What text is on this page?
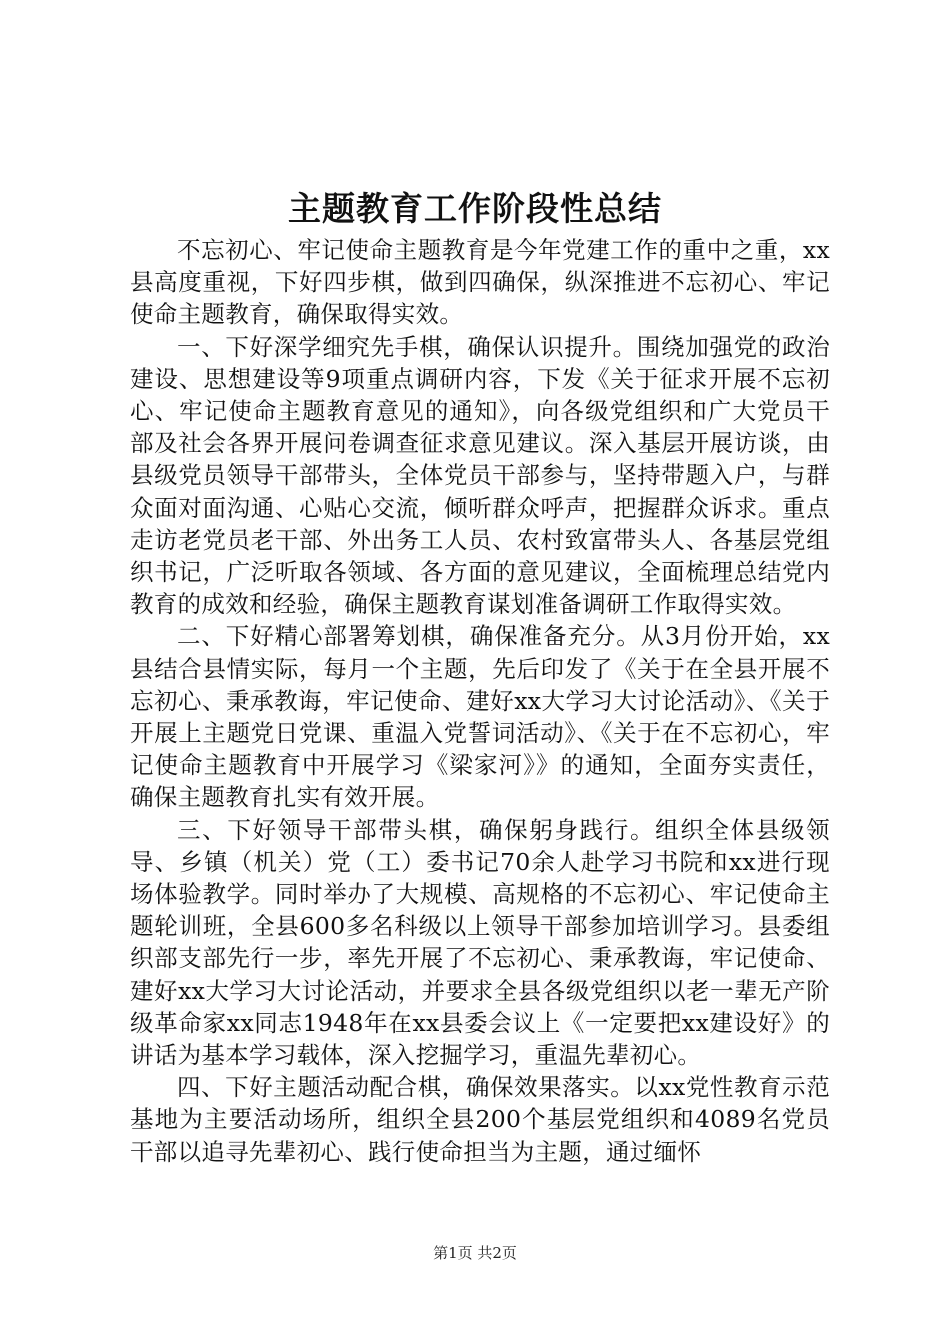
主题教育工作阶段性总结

不忘初心、牢记使命主题教育是今年党建工作的重中之重，xx县高度重视，下好四步棋，做到四确保，纵深推进不忘初心、牢记使命主题教育，确保取得实效。

一、下好深学细究先手棋，确保认识提升。围绕加强党的政治建设、思想建设等9项重点调研内容，下发《关于征求开展不忘初心、牢记使命主题教育意见的通知》，向各级党组织和广大党员干部及社会各界开展问卷调查征求意见建议。深入基层开展访谈，由县级党员领导干部带头，全体党员干部参与，坚持带题入户，与群众面对面沟通、心贴心交流，倾听群众呼声，把握群众诉求。重点走访老党员老干部、外出务工人员、农村致富带头人、各基层党组织书记，广泛听取各领域、各方面的意见建议，全面梳理总结党内教育的成效和经验，确保主题教育谋划准备调研工作取得实效。

二、下好精心部署筹划棋，确保准备充分。从3月份开始，xx县结合县情实际，每月一个主题，先后印发了《关于在全县开展不忘初心、秉承教诲，牢记使命、建好xx大学习大讨论活动》、《关于开展上主题党日党课、重温入党誓词活动》、《关于在不忘初心，牢记使命主题教育中开展学习《梁家河》》的通知，全面夯实责任，确保主题教育扎实有效开展。

三、下好领导干部带头棋，确保躬身践行。组织全体县级领导、乡镇（机关）党（工）委书记70余人赴学习书院和xx进行现场体验教学。同时举办了大规模、高规格的不忘初心、牢记使命主题轮训班，全县600多名科级以上领导干部参加培训学习。县委组织部支部先行一步，率先开展了不忘初心、秉承教诲，牢记使命、建好xx大学习大讨论活动，并要求全县各级党组织以老一辈无产阶级革命家xx同志1948年在xx县委会议上《一定要把xx建设好》的讲话为基本学习载体，深入挖掘学习，重温先辈初心。

四、下好主题活动配合棋，确保效果落实。以xx党性教育示范基地为主要活动场所，组织全县200个基层党组织和4089名党员干部以追寻先辈初心、践行使命担当为主题，通过缅怀

第1页 共2页
